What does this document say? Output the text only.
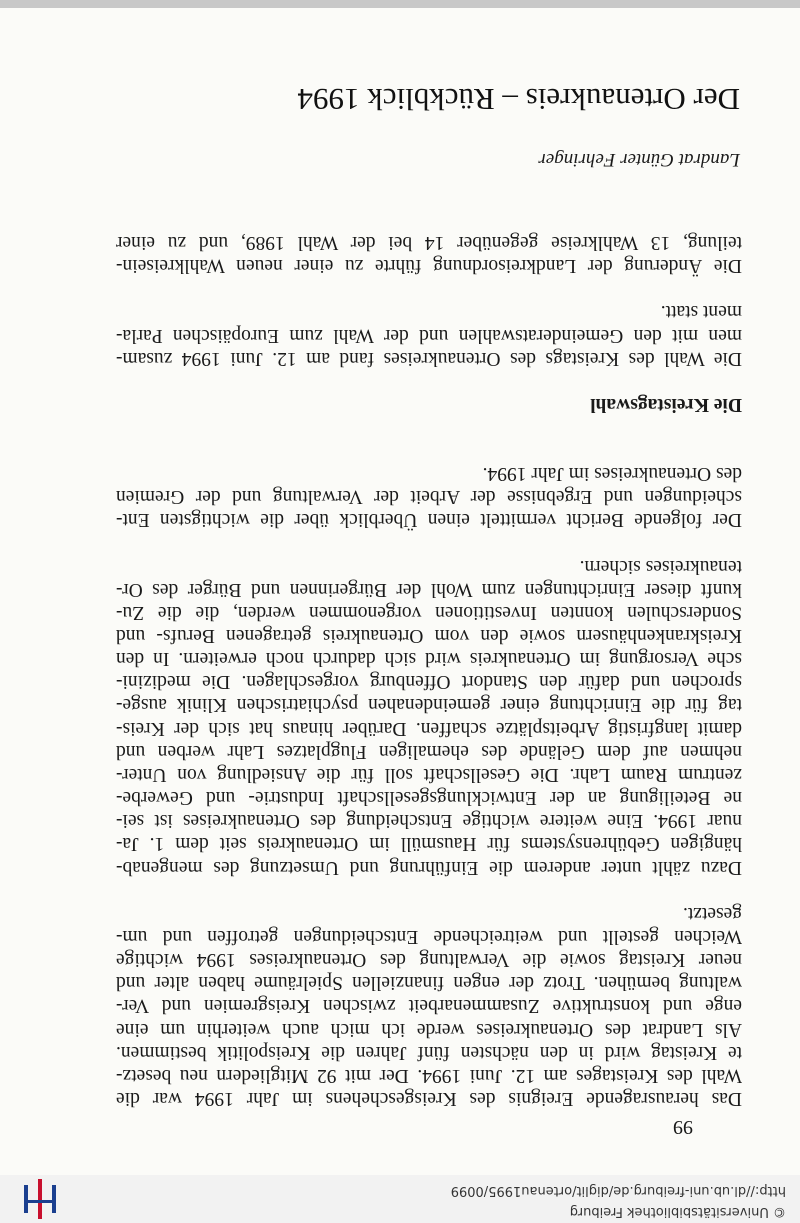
© Universitätsbibliothek Freiburg
http://dl.ub.uni-freiburg.de/diglit/ortenau1995/0099
99
Das herausragende Ereignis des Kreisgeschehens im Jahr 1994 war die
Wahl des Kreistages am 12. Juni 1994. Der mit 92 Mitgliedern neu besetz-
te Kreistag wird in den nächsten fünf Jahren die Kreispolitik bestimmen.
Als Landrat des Ortenaukreises werde ich mich auch weiterhin um eine
enge und konstruktive Zusammenarbeit zwischen Kreisgremien und Ver-
waltung bemühen. Trotz der engen finanziellen Spielräume haben alter und
neuer Kreistag sowie die Verwaltung des Ortenaukreises 1994 wichtige
Weichen gestellt und weitreichende Entscheidungen getroffen und um-
gesetzt.
Dazu zählt unter anderem die Einführung und Umsetzung des mengenab-
hängigen Gebührensystems für Hausmüll im Ortenaukreis seit dem 1. Ja-
nuar 1994. Eine weitere wichtige Entscheidung des Ortenaukreises ist sei-
ne Beteiligung an der Entwicklungsgesellschaft Industrie- und Gewerbe-
zentrum Raum Lahr. Die Gesellschaft soll für die Ansiedlung von Unter-
nehmen auf dem Gelände des ehemaligen Flugplatzes Lahr werben und
damit langfristig Arbeitsplätze schaffen. Darüber hinaus hat sich der Kreis-
tag für die Einrichtung einer gemeindenahen psychiatrischen Klinik ausge-
sprochen und dafür den Standort Offenburg vorgeschlagen. Die medizini-
sche Versorgung im Ortenaukreis wird sich dadurch noch erweitern. In den
Kreiskrankenhäusern sowie den vom Ortenaukreis getragenen Berufs- und
Sonderschulen konnten Investitionen vorgenommen werden, die die Zu-
kunft dieser Einrichtungen zum Wohl der Bürgerinnen und Bürger des Or-
tenaukreises sichern.
Der folgende Bericht vermittelt einen Überblick über die wichtigsten Ent-
scheidungen und Ergebnisse der Arbeit der Verwaltung und der Gremien
des Ortenaukreises im Jahr 1994.
Die Kreistagswahl
Die Wahl des Kreistags des Ortenaukreises fand am 12. Juni 1994 zusam-
men mit den Gemeinderatswahlen und der Wahl zum Europäischen Parla-
ment statt.
Die Änderung der Landkreisordnung führte zu einer neuen Wahlkreisein-
teilung, 13 Wahlkreise gegenüber 14 bei der Wahl 1989, und zu einer
Landrat Günter Fehringer
Der Ortenaukreis – Rückblick 1994
